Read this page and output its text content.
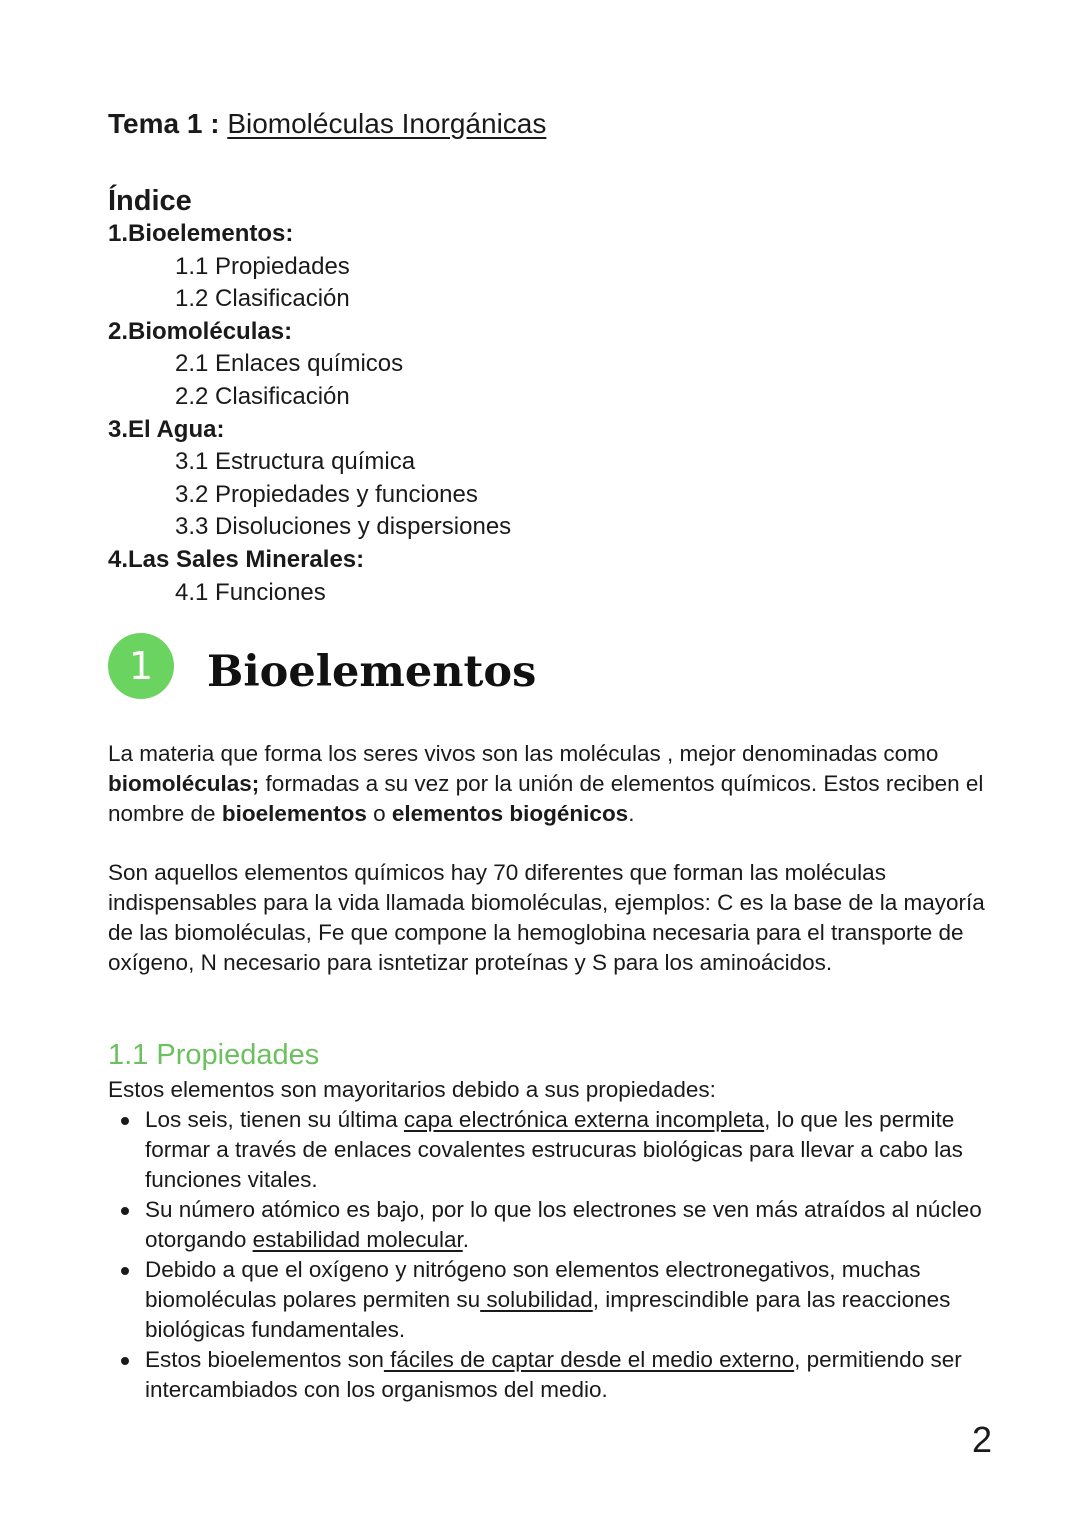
Tema 1 : Biomoléculas Inorgánicas
Índice
1.Bioelementos:
1.1 Propiedades
1.2 Clasificación
2.Biomoléculas:
2.1 Enlaces químicos
2.2 Clasificación
3.El Agua:
3.1 Estructura química
3.2 Propiedades y funciones
3.3 Disoluciones y dispersiones
4.Las Sales Minerales:
4.1 Funciones
1	Bioelementos
La materia que forma los seres vivos son las moléculas , mejor denominadas como biomoléculas; formadas a su vez por la unión de elementos químicos. Estos reciben el nombre de bioelementos o elementos biogénicos.
Son aquellos elementos químicos hay 70 diferentes que forman las moléculas indispensables para la vida llamada biomoléculas, ejemplos: C es la base de la mayoría de las biomoléculas, Fe que compone la hemoglobina necesaria para el transporte de oxígeno, N necesario para isntetizar proteínas y S para los aminoácidos.
1.1 Propiedades
Estos elementos son mayoritarios debido a sus propiedades:
Los seis, tienen su última capa electrónica externa incompleta, lo que les permite formar a través de enlaces covalentes estrucuras biológicas para llevar a cabo las funciones vitales.
Su número atómico es bajo, por lo que los electrones se ven más atraídos al núcleo otorgando estabilidad molecular.
Debido a que el oxígeno y nitrógeno son elementos electronegativos, muchas biomoléculas polares permiten su solubilidad, imprescindible para las reacciones biológicas fundamentales.
Estos bioelementos son fáciles de captar desde el medio externo, permitiendo ser intercambiados con los organismos del medio.
2
